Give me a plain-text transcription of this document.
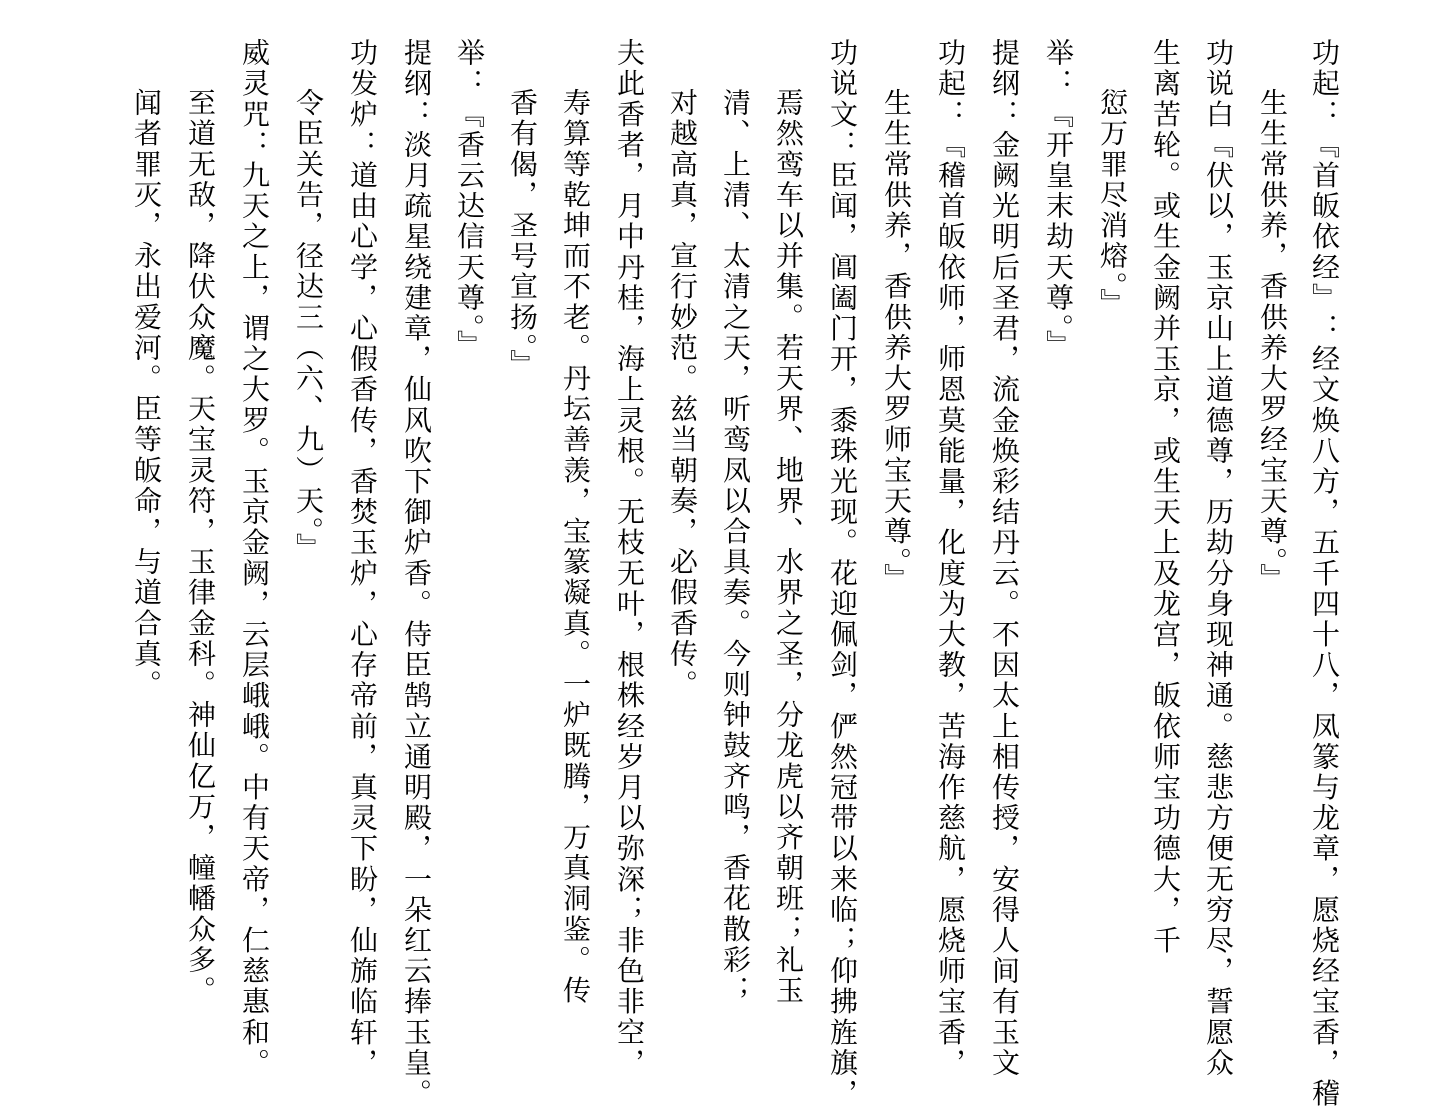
功起：『首皈依经』：经文焕八方，五千四十八，凤篆与龙章，愿烧经宝香，稽
生生常供养，香供养大罗经宝天尊。』
功说白『伏以，玉京山上道德尊，历劫分身现神通。慈悲方便无穷尽，誓愿众
生离苦轮。或生金阙并玉京，或生天上及龙宫，皈依师宝功德大，千
愆万罪尽消熔。』
举：『开皇末劫天尊。』
提纲：金阙光明后圣君，流金焕彩结丹云。不因太上相传授，安得人间有玉文
功起：『稽首皈依师，师恩莫能量，化度为大教，苦海作慈航，愿烧师宝香，
生生常供养，香供养大罗师宝天尊。』
功说文：臣闻，阊阖门开，黍珠光现。花迎佩剑，俨然冠带以来临；仰拂旌旗，
焉然鸾车以并集。若天界、地界、水界之圣，分龙虎以齐朝班；礼玉
清、上清、太清之天，听鸾凤以合具奏。今则钟鼓齐鸣，香花散彩；
对越高真，宣行妙范。兹当朝奏，必假香传。
夫此香者，月中丹桂，海上灵根。无枝无叶，根株经岁月以弥深；非色非空，
寿算等乾坤而不老。丹坛善羡，宝篆凝真。一炉既腾，万真洞鉴。传
香有偈，圣号宣扬。』
举：『香云达信天尊。』
提纲：淡月疏星绕建章，仙风吹下御炉香。侍臣鹄立通明殿，一朵红云捧玉皇。
功发炉：道由心学，心假香传，香焚玉炉，心存帝前，真灵下盼，仙旆临轩，
令臣关告，径达三（六、九）天。』
威灵咒：九天之上，谓之大罗。玉京金阙，云层峨峨。中有天帝，仁慈惠和。
至道无敌，降伏众魔。天宝灵符，玉律金科。神仙亿万，幢幡众多。
闻者罪灭，永出爱河。臣等皈命，与道合真。
